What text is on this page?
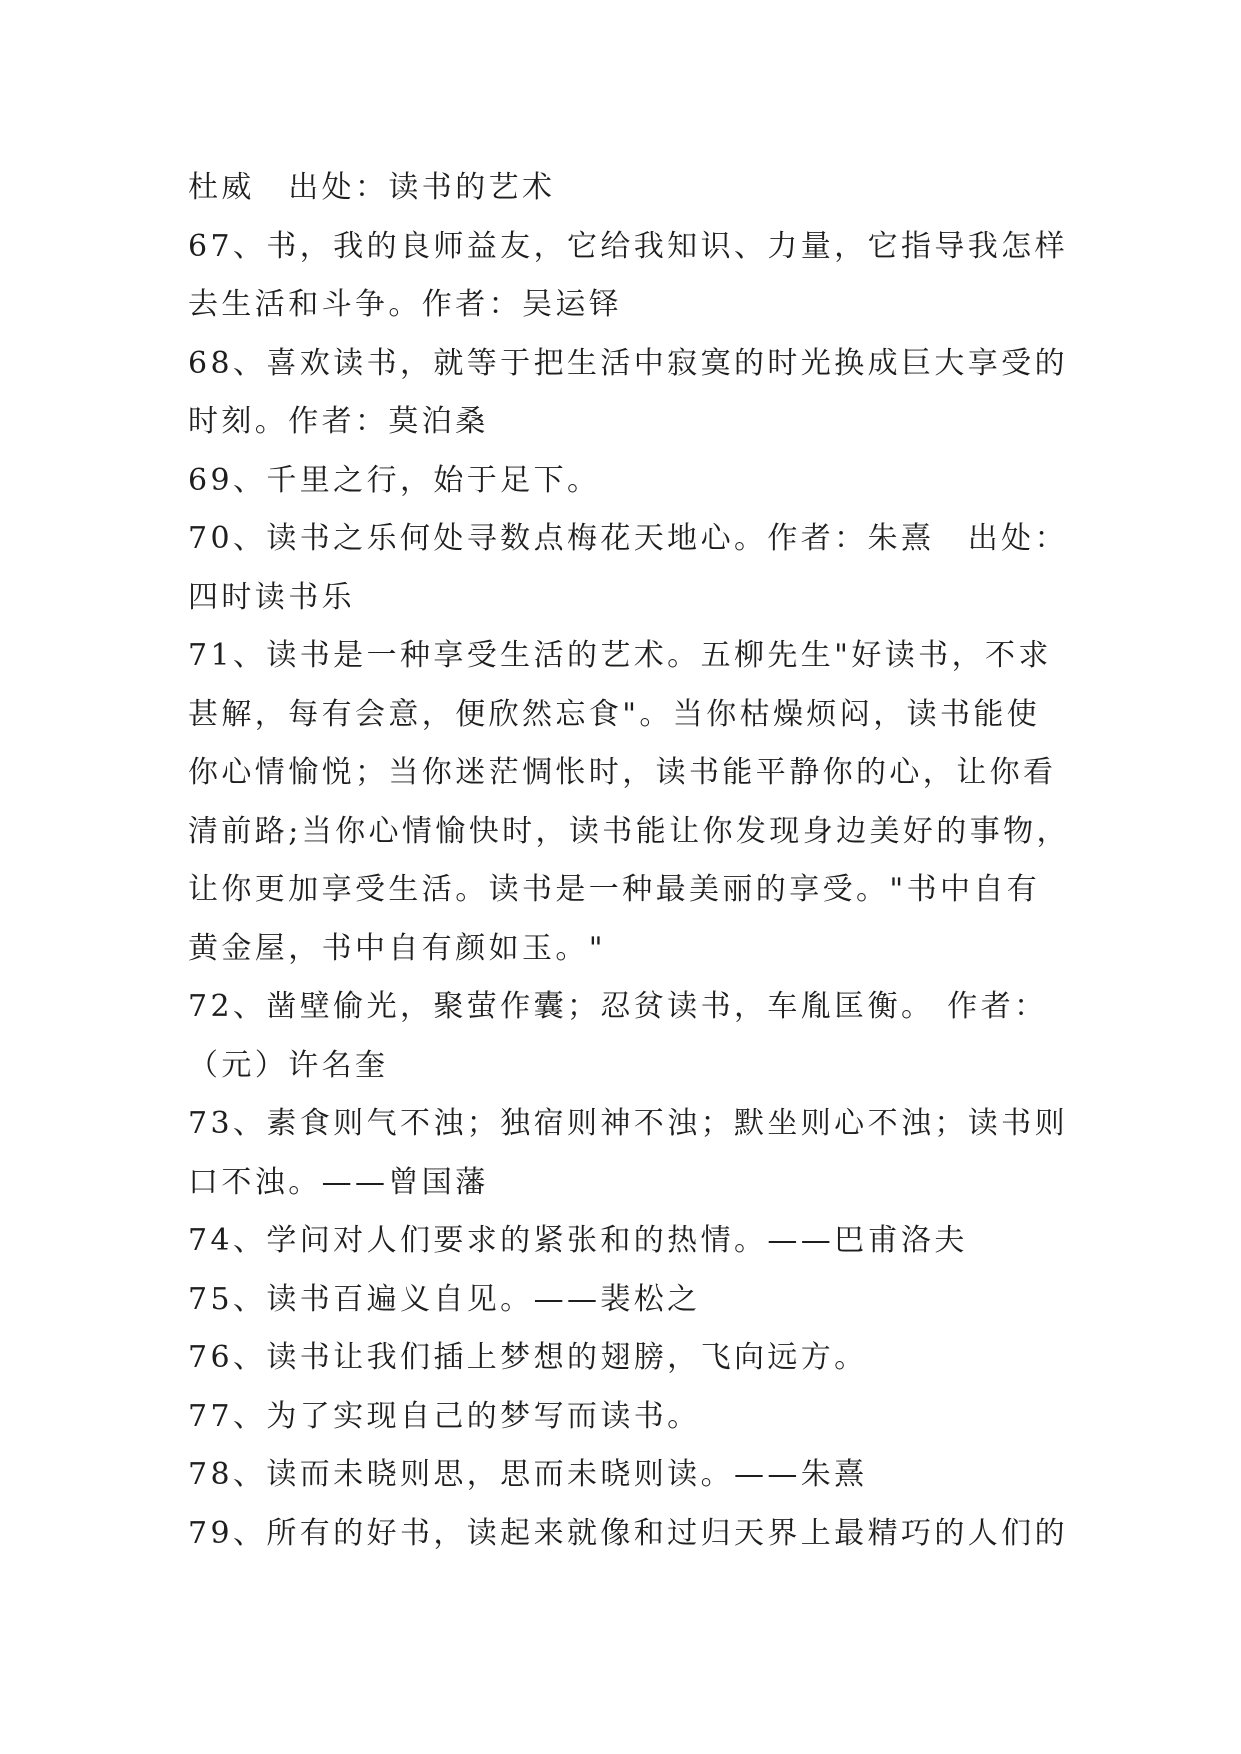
杜威　出处：读书的艺术
67、书，我的良师益友，它给我知识、力量，它指导我怎样
去生活和斗争。作者：吴运铎
68、喜欢读书，就等于把生活中寂寞的时光换成巨大享受的
时刻。作者：莫泊桑
69、千里之行，始于足下。
70、读书之乐何处寻数点梅花天地心。作者：朱熹　出处：
四时读书乐
71、读书是一种享受生活的艺术。五柳先生"好读书，不求
甚解，每有会意，便欣然忘食"。当你枯燥烦闷，读书能使
你心情愉悦；当你迷茫惆怅时，读书能平静你的心，让你看
清前路;当你心情愉快时，读书能让你发现身边美好的事物，
让你更加享受生活。读书是一种最美丽的享受。"书中自有
黄金屋，书中自有颜如玉。"
72、凿壁偷光，聚萤作囊；忍贫读书，车胤匡衡。 作者：
（元）许名奎
73、素食则气不浊；独宿则神不浊；默坐则心不浊；读书则
口不浊。——曾国藩
74、学问对人们要求的紧张和的热情。——巴甫洛夫
75、读书百遍义自见。——裴松之
76、读书让我们插上梦想的翅膀，飞向远方。
77、为了实现自己的梦写而读书。
78、读而未晓则思，思而未晓则读。——朱熹
79、所有的好书，读起来就像和过归天界上最精巧的人们的
